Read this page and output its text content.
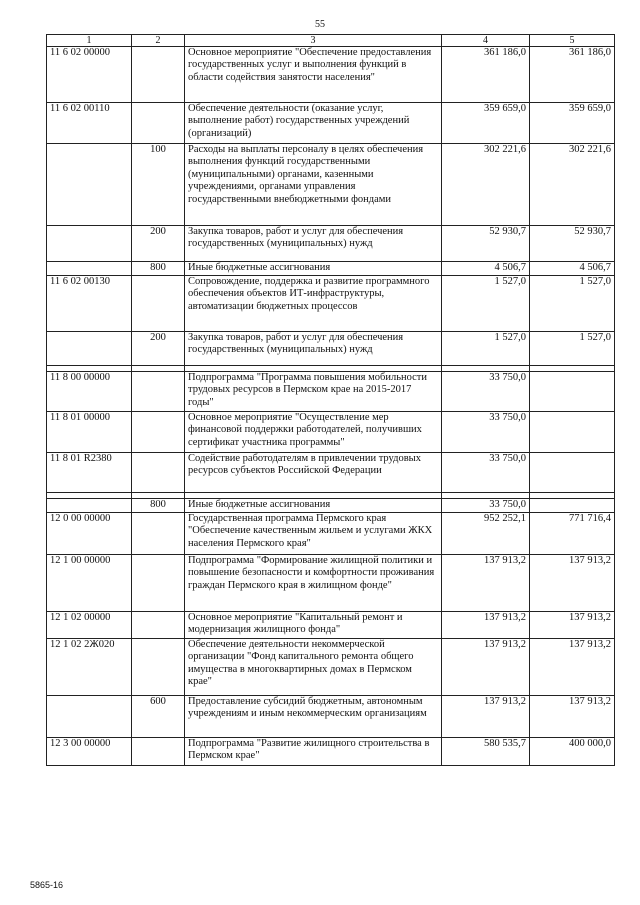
55
1	2	3	4	5
11 6 02 00000		Основное мероприятие "Обеспечение предоставления государственных услуг и выполнения функций в области содействия занятости населения"	361 186,0	361 186,0
11 6 02 00110		Обеспечение деятельности (оказание услуг, выполнение работ) государственных учреждений (организаций)	359 659,0	359 659,0
	100	Расходы на выплаты персоналу в целях обеспечения выполнения функций государственными (муниципальными) органами, казенными учреждениями, органами управления государственными внебюджетными фондами	302 221,6	302 221,6
	200	Закупка товаров, работ и услуг для обеспечения государственных (муниципальных) нужд	52 930,7	52 930,7
	800	Иные бюджетные ассигнования	4 506,7	4 506,7
11 6 02 00130		Сопровождение, поддержка и развитие программного обеспечения объектов ИТ-инфраструктуры, автоматизации бюджетных процессов	1 527,0	1 527,0
	200	Закупка товаров, работ и услуг для обеспечения государственных (муниципальных) нужд	1 527,0	1 527,0

11 8 00 00000		Подпрограмма "Программа повышения мобильности трудовых ресурсов в Пермском крае на 2015-2017 годы"	33 750,0	
11 8 01 00000		Основное мероприятие "Осуществление мер финансовой поддержки работодателей, получивших сертификат участника программы"	33 750,0	
11 8 01 R2380		Содействие работодателям в привлечении трудовых ресурсов субъектов Российской Федерации	33 750,0	

	800	Иные бюджетные ассигнования	33 750,0	
12 0 00 00000		Государственная программа Пермского края "Обеспечение качественным жильем и услугами ЖКХ населения Пермского края"	952 252,1	771 716,4
12 1 00 00000		Подпрограмма "Формирование жилищной политики и повышение безопасности и комфортности проживания граждан Пермского края в жилищном фонде"	137 913,2	137 913,2
12 1 02 00000		Основное мероприятие "Капитальный ремонт и модернизация жилищного фонда"	137 913,2	137 913,2
12 1 02 2Ж020		Обеспечение деятельности некоммерческой организации "Фонд капитального ремонта общего имущества в многоквартирных домах в Пермском крае"	137 913,2	137 913,2
	600	Предоставление субсидий бюджетным, автономным учреждениям и иным некоммерческим организациям	137 913,2	137 913,2
12 3 00 00000		Подпрограмма "Развитие жилищного строительства в Пермском крае"	580 535,7	400 000,0
5865-16
